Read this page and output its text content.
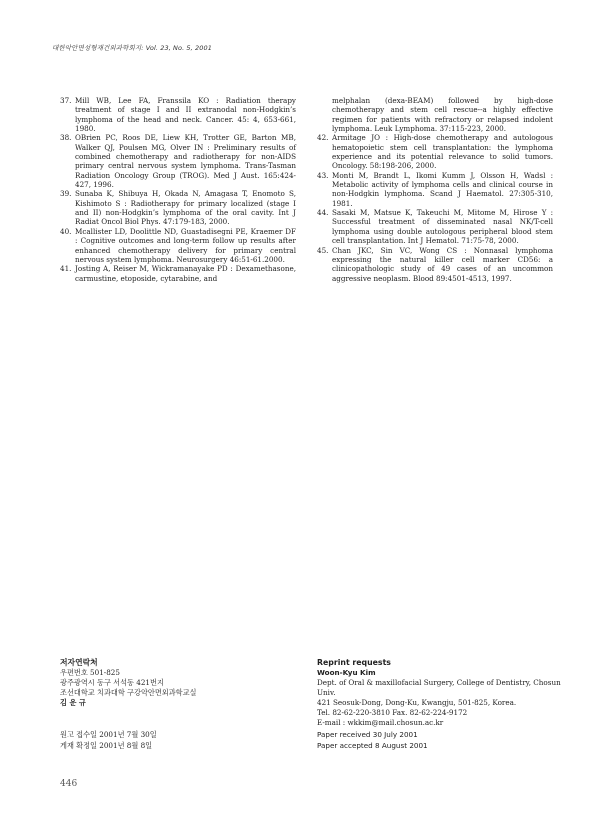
대한악안면성형재건외과학회지: Vol. 23, No. 5, 2001
37. Mill WB, Lee FA, Franssila KO : Radiation therapy treatment of stage I and II extranodal non-Hodgkin’s lymphoma of the head and neck. Cancer. 45: 4, 653-661, 1980.
38. OBrien PC, Roos DE, Liew KH, Trotter GE, Barton MB, Walker QJ, Poulsen MG, Olver IN : Preliminary results of combined chemotherapy and radiotherapy for non-AIDS primary central nervous system lymphoma. Trans-Tasman Radiation Oncology Group (TROG). Med J Aust. 165:424-427, 1996.
39. Sunaba K, Shibuya H, Okada N, Amagasa T, Enomoto S, Kishimoto S : Radiotherapy for primary localized (stage I and II) non-Hodgkin’s lymphoma of the oral cavity. Int J Radiat Oncol Biol Phys. 47:179-183, 2000.
40. Mcallister LD, Doolittle ND, Guastadisegni PE, Kraemer DF : Cognitive outcomes and long-term follow up results after enhanced chemotherapy delivery for primary central nervous system lymphoma. Neurosurgery 46:51-61.2000.
41. Josting A, Reiser M, Wickramanayake PD : Dexamethasone, carmustine, etoposide, cytarabine, and
melphalan (dexa-BEAM) followed by high-dose chemotherapy and stem cell rescue--a highly effective regimen for patients with refractory or relapsed indolent lymphoma. Leuk Lymphoma. 37:115-223, 2000.
42. Armitage JO : High-dose chemotherapy and autologous hematopoietic stem cell transplantation: the lymphoma experience and its potential relevance to solid tumors. Oncology. 58:198-206, 2000.
43. Monti M, Brandt L, Ikomi Kumm J, Olsson H, Wadsl : Metabolic activity of lymphoma cells and clinical course in non-Hodgkin lymphoma. Scand J Haematol. 27:305-310, 1981.
44. Sasaki M, Matsue K, Takeuchi M, Mitome M, Hirose Y : Successful treatment of disseminated nasal NK/T-cell lymphoma using double autologous peripheral blood stem cell transplantation. Int J Hematol. 71:75-78, 2000.
45. Chan JKC, Sin VC, Wong CS : Nonnasal lymphoma expressing the natural killer cell marker CD56: a clinicopathologic study of 49 cases of an uncommon aggressive neoplasm. Blood 89:4501-4513, 1997.
저자연락처
우편번호 501-825
광주광역시 동구 서석동 421번지
조선대학교 치과대학 구강악안면외과학교실
김 운 규
Reprint requests
Woon-Kyu Kim
Dept. of Oral & maxillofacial Surgery, College of Dentistry, Chosun Univ.
421 Seosuk-Dong, Dong-Ku, Kwangju, 501-825, Korea.
Tel. 82-62-220-3810 Fax. 82-62-224-9172
E-mail : wkkim@mail.chosun.ac.kr
원고 접수일 2001년 7월 30일
게재 확정일 2001년 8월 8일
Paper received 30 July 2001
Paper accepted 8 August 2001
446
